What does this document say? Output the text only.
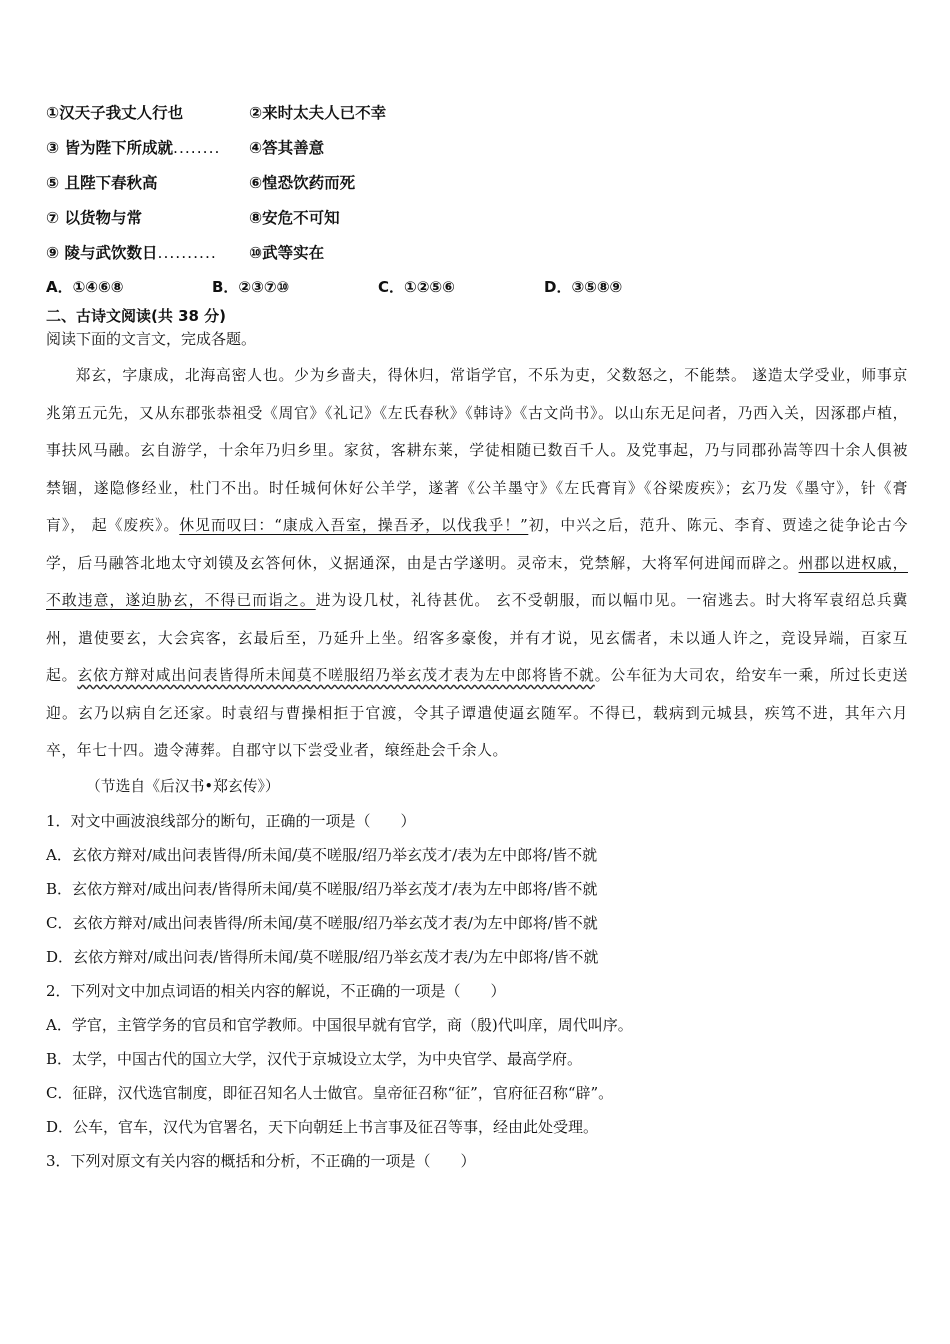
①汉天子我丈人行也	②来时太夫人已不幸
③ 皆为陛下所成就........	④答其善意
⑤ 且陛下春秋高	⑥惶恐饮药而死
⑦ 以货物与常	⑧安危不可知
⑨ 陵与武饮数日..........	⑩武等实在
A．①④⑥⑧	B．②③⑦⑩	C．①②⑤⑥	D．③⑤⑧⑨
二、古诗文阅读(共 38 分)
阅读下面的文言文，完成各题。
郑玄，字康成，北海高密人也。少为乡啬夫，得休归，常诣学官，不乐为吏，父数怒之，不能禁。 遂造太学受业，师事京兆第五元先，又从东郡张恭祖受《周官》《礼记》《左氏春秋》《韩诗》《古文尚书》。以山东无足问者，乃西入关，因涿郡卢植，事扶风马融。玄自游学，十余年乃归乡里。家贫，客耕东莱，学徒相随已数百千人。及党事起，乃与同郡孙嵩等四十余人俱被禁锢，遂隐修经业，杜门不出。时任城何休好公羊学，遂著《公羊墨守》《左氏膏肓》《谷梁废疾》；玄乃发《墨守》，针《膏肓》， 起《废疾》。休见而叹曰：“康成入吾室，操吾矛，以伐我乎！”初，中兴之后，范升、陈元、李育、贾逵之徒争论古今学，后马融答北地太守刘镆及玄答何休，义据通深，由是古学遂明。灵帝末，党禁解，大将军何进闻而辟之。州郡以进权戚，不敢违意，遂迫胁玄，不得已而诣之。进为设几杖，礼待甚优。 玄不受朝服，而以幅巾见。一宿逃去。时大将军袁绍总兵冀州，遣使要玄，大会宾客，玄最后至，乃延升上坐。绍客多豪俊，并有才说，见玄儒者，未以通人许之，竞设异端，百家互起。玄依方辩对咸出问表皆得所未闻莫不嗟服绍乃举玄茂才表为左中郎将皆不就。公车征为大司农，给安车一乘，所过长吏送迎。玄乃以病自乞还家。时袁绍与曹操相拒于官渡，令其子谭遣使逼玄随军。不得已，载病到元城县，疾笃不进，其年六月卒，年七十四。遗令薄葬。自郡守以下尝受业者，缞绖赴会千余人。
（节选自《后汉书•郑玄传》）
1．对文中画波浪线部分的断句，正确的一项是（　　）
A．玄依方辩对/咸出问表皆得/所未闻/莫不嗟服/绍乃举玄茂才/表为左中郎将/皆不就
B．玄依方辩对/咸出问表/皆得所未闻/莫不嗟服/绍乃举玄茂才/表为左中郎将/皆不就
C．玄依方辩对/咸出问表皆得/所未闻/莫不嗟服/绍乃举玄茂才表/为左中郎将/皆不就
D．玄依方辩对/咸出问表/皆得所未闻/莫不嗟服/绍乃举玄茂才表/为左中郎将/皆不就
2．下列对文中加点词语的相关内容的解说，不正确的一项是（　　）
A．学官，主管学务的官员和官学教师。中国很早就有官学，商（殷)代叫庠，周代叫序。
B．太学，中国古代的国立大学，汉代于京城设立太学，为中央官学、最高学府。
C．征辟，汉代选官制度，即征召知名人士做官。皇帝征召称“征”，官府征召称“辟”。
D．公车，官车，汉代为官署名，天下向朝廷上书言事及征召等事，经由此处受理。
3．下列对原文有关内容的概括和分析，不正确的一项是（　　）
